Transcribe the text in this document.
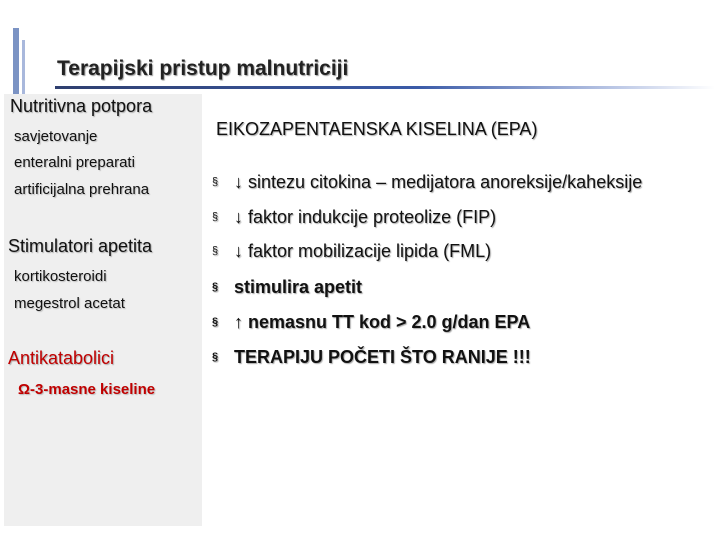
Terapijski pristup malnutriciji
Nutritivna potpora
savjetovanje
enteralni preparati
artificijalna prehrana
Stimulatori apetita
kortikosteroidi
megestrol acetat
Antikatabolici
Ω-3-masne kiseline
EIKOZAPENTAENSKA KISELINA (EPA)
§ ↓ sintezu citokina – medijatora anoreksije/kaheksije
§ ↓ faktor indukcije proteolize (FIP)
§ ↓ faktor mobilizacije lipida (FML)
§ stimulira apetit
§ ↑ nemasnu TT kod > 2.0 g/dan EPA
§ TERAPIJU POČETI ŠTO RANIJE !!!
